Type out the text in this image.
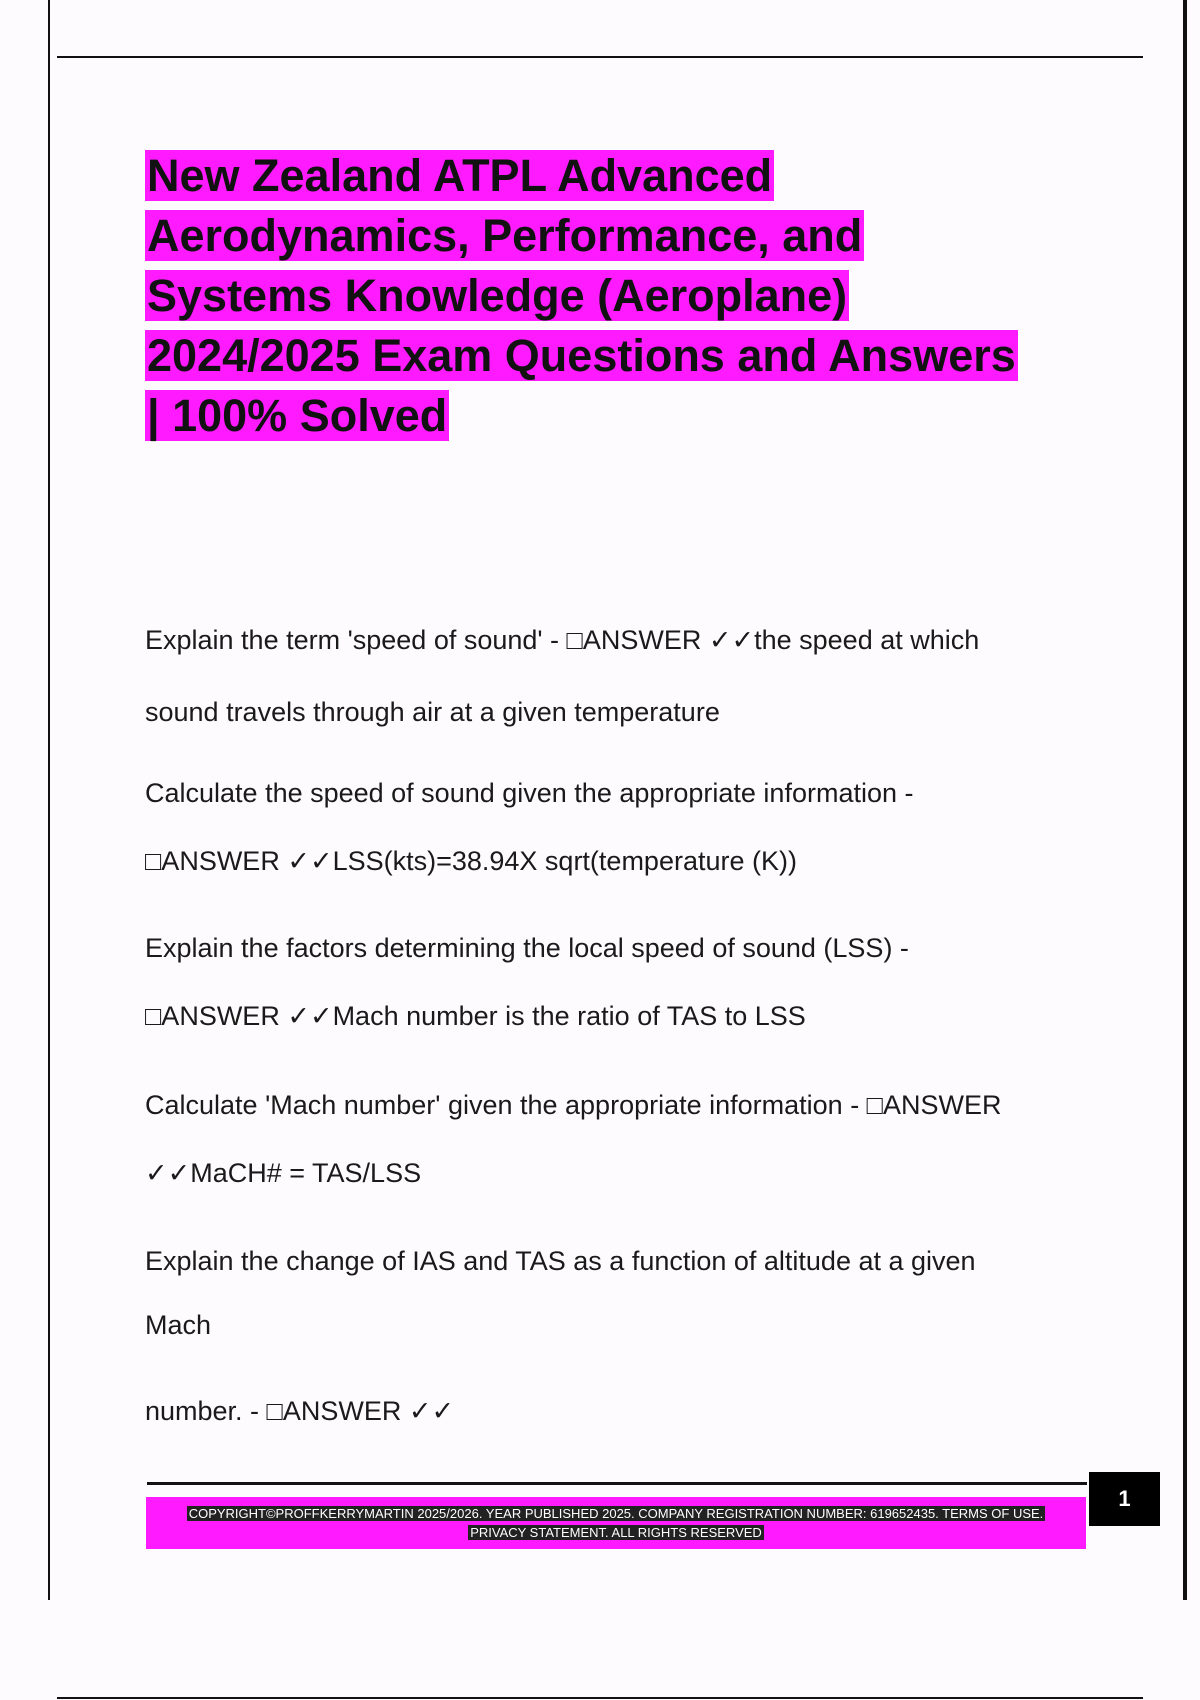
New Zealand ATPL Advanced
Aerodynamics, Performance, and
Systems Knowledge (Aeroplane)
2024/2025 Exam Questions and Answers
| 100% Solved

Explain the term 'speed of sound' - □ANSWER ✓✓the speed at which

sound travels through air at a given temperature

Calculate the speed of sound given the appropriate information -

□ANSWER ✓✓LSS(kts)=38.94X sqrt(temperature (K))

Explain the factors determining the local speed of sound (LSS) -

□ANSWER ✓✓Mach number is the ratio of TAS to LSS

Calculate 'Mach number' given the appropriate information - □ANSWER

✓✓MaCH# = TAS/LSS

Explain the change of IAS and TAS as a function of altitude at a given

Mach

number. - □ANSWER ✓✓

COPYRIGHT©PROFFKERRYMARTIN 2025/2026. YEAR PUBLISHED 2025. COMPANY REGISTRATION NUMBER: 619652435. TERMS OF USE.
PRIVACY STATEMENT. ALL RIGHTS RESERVED
1
